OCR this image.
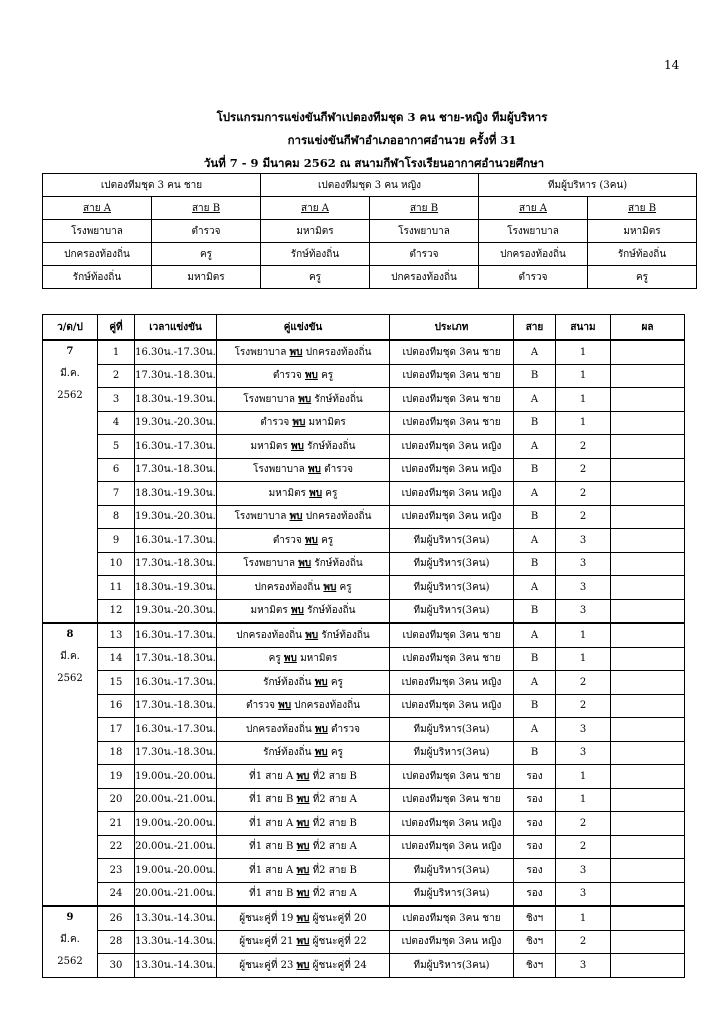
14
โปรแกรมการแข่งขันกีฬาเปตองทีมชุด 3 คน ชาย-หญิง ทีมผู้บริหาร
การแข่งขันกีฬาอำเภออากาศอำนวย ครั้งที่ 31
วันที่ 7 - 9 มีนาคม 2562 ณ สนามกีฬาโรงเรียนอากาศอำนวยศึกษา
เปตองทีมชุด 3 คน ชาย		เปตองทีมชุด 3 คน หญิง		ทีมผู้บริหาร (3คน)	
สาย A	สาย B	สาย A	สาย B	สาย A	สาย B
โรงพยาบาล	ตำรวจ	มหามิตร	โรงพยาบาล	โรงพยาบาล	มหามิตร
ปกครองท้องถิ่น	ครู	รักษ์ท้องถิ่น	ตำรวจ	ปกครองท้องถิ่น	รักษ์ท้องถิ่น
รักษ์ท้องถิ่น	มหามิตร	ครู	ปกครองท้องถิ่น	ตำรวจ	ครู
ว/ด/ป	คู่ที่	เวลาแข่งขัน	คู่แข่งขัน	ประเภท	สาย	สนาม	ผล

7
มี.ค.
2562	1	16.30น.-17.30น.	โรงพยาบาล พบ ปกครองท้องถิ่น	เปตองทีมชุด 3คน ชาย	A	1	
	2	17.30น.-18.30น.	ตำรวจ พบ ครู	เปตองทีมชุด 3คน ชาย	B	1	
	3	18.30น.-19.30น.	โรงพยาบาล พบ รักษ์ท้องถิ่น	เปตองทีมชุด 3คน ชาย	A	1	
	4	19.30น.-20.30น.	ตำรวจ พบ มหามิตร	เปตองทีมชุด 3คน ชาย	B	1	
	5	16.30น.-17.30น.	มหามิตร พบ รักษ์ท้องถิ่น	เปตองทีมชุด 3คน หญิง	A	2	
	6	17.30น.-18.30น.	โรงพยาบาล พบ ตำรวจ	เปตองทีมชุด 3คน หญิง	B	2	
	7	18.30น.-19.30น.	มหามิตร พบ ครู	เปตองทีมชุด 3คน หญิง	A	2	
	8	19.30น.-20.30น.	โรงพยาบาล พบ ปกครองท้องถิ่น	เปตองทีมชุด 3คน หญิง	B	2	
	9	16.30น.-17.30น.	ตำรวจ พบ ครู	ทีมผู้บริหาร(3คน)	A	3	
	10	17.30น.-18.30น.	โรงพยาบาล พบ รักษ์ท้องถิ่น	ทีมผู้บริหาร(3คน)	B	3	
	11	18.30น.-19.30น.	ปกครองท้องถิ่น พบ ครู	ทีมผู้บริหาร(3คน)	A	3	
	12	19.30น.-20.30น.	มหามิตร พบ รักษ์ท้องถิ่น	ทีมผู้บริหาร(3คน)	B	3	

8
มี.ค.
2562	13	16.30น.-17.30น.	ปกครองท้องถิ่น พบ รักษ์ท้องถิ่น	เปตองทีมชุด 3คน ชาย	A	1	
	14	17.30น.-18.30น.	ครู พบ มหามิตร	เปตองทีมชุด 3คน ชาย	B	1	
	15	16.30น.-17.30น.	รักษ์ท้องถิ่น พบ ครู	เปตองทีมชุด 3คน หญิง	A	2	
	16	17.30น.-18.30น.	ตำรวจ พบ ปกครองท้องถิ่น	เปตองทีมชุด 3คน หญิง	B	2	
	17	16.30น.-17.30น.	ปกครองท้องถิ่น พบ ตำรวจ	ทีมผู้บริหาร(3คน)	A	3	
	18	17.30น.-18.30น.	รักษ์ท้องถิ่น พบ ครู	ทีมผู้บริหาร(3คน)	B	3	
	19	19.00น.-20.00น.	ที่1 สาย A พบ ที่2 สาย B	เปตองทีมชุด 3คน ชาย	รอง	1	
	20	20.00น.-21.00น.	ที่1 สาย B พบ ที่2 สาย A	เปตองทีมชุด 3คน ชาย	รอง	1	
	21	19.00น.-20.00น.	ที่1 สาย A พบ ที่2 สาย B	เปตองทีมชุด 3คน หญิง	รอง	2	
	22	20.00น.-21.00น.	ที่1 สาย B พบ ที่2 สาย A	เปตองทีมชุด 3คน หญิง	รอง	2	
	23	19.00น.-20.00น.	ที่1 สาย A พบ ที่2 สาย B	ทีมผู้บริหาร(3คน)	รอง	3	
	24	20.00น.-21.00น.	ที่1 สาย B พบ ที่2 สาย A	ทีมผู้บริหาร(3คน)	รอง	3	

9
มี.ค.
2562	26	13.30น.-14.30น.	ผู้ชนะคู่ที่ 19 พบ ผู้ชนะคู่ที่ 20	เปตองทีมชุด 3คน ชาย	ชิงฯ	1	
	28	13.30น.-14.30น.	ผู้ชนะคู่ที่ 21 พบ ผู้ชนะคู่ที่ 22	เปตองทีมชุด 3คน หญิง	ชิงฯ	2	
	30	13.30น.-14.30น.	ผู้ชนะคู่ที่ 23 พบ ผู้ชนะคู่ที่ 24	ทีมผู้บริหาร(3คน)	ชิงฯ	3	
